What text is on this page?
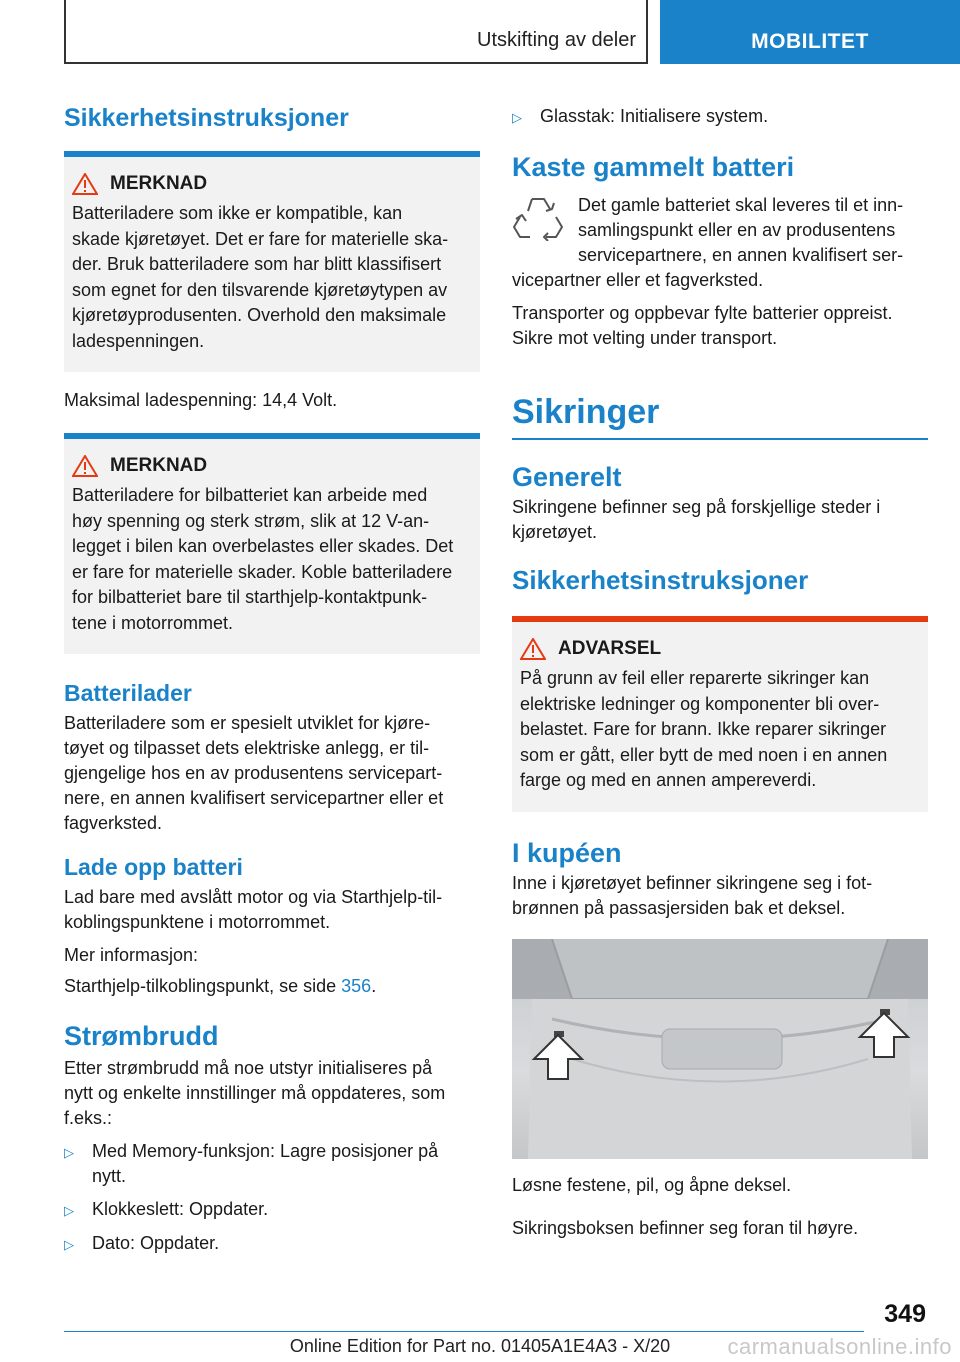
Utskifting av deler	MOBILITET
Sikkerhetsinstruksjoner
MERKNAD

Batteriladere som ikke er kompatible, kan

skade kjøretøyet. Det er fare for materielle ska-

der. Bruk batteriladere som har blitt klassifisert

som egnet for den tilsvarende kjøretøytypen av

kjøretøyprodusenten. Overhold den maksimale

ladespenningen.

Maksimal ladespenning: 14,4 Volt.

MERKNAD

Batteriladere for bilbatteriet kan arbeide med

høy spenning og sterk strøm, slik at 12 V-an-

legget i bilen kan overbelastes eller skades. Det

er fare for materielle skader. Koble batteriladere

for bilbatteriet bare til starthjelp-kontaktpunk-

tene i motorrommet.

Batterilader

Batteriladere som er spesielt utviklet for kjøre-

tøyet og tilpasset dets elektriske anlegg, er til-

gjengelige hos en av produsentens servicepart-

nere, en annen kvalifisert servicepartner eller et

fagverksted.

Lade opp batteri

Lad bare med avslått motor og via Starthjelp-til-

koblingspunktene i motorrommet.

Mer informasjon:

Starthjelp-tilkoblingspunkt, se side 356.

Strømbrudd

Etter strømbrudd må noe utstyr initialiseres på

nytt og enkelte innstillinger må oppdateres, som

f.eks.:

▷	Med Memory-funksjon: Lagre posisjoner på

nytt.

▷	Klokkeslett: Oppdater.

▷	Dato: Oppdater.

▷	Glasstak: Initialisere system.

Kaste gammelt batteri

Det gamle batteriet skal leveres til et inn-

samlingspunkt eller en av produsentens

servicepartnere, en annen kvalifisert ser-

vicepartner eller et fagverksted.

Transporter og oppbevar fylte batterier oppreist.

Sikre mot velting under transport.

Sikringer
Generelt

Sikringene befinner seg på forskjellige steder i

kjøretøyet.

Sikkerhetsinstruksjoner
ADVARSEL

På grunn av feil eller reparerte sikringer kan

elektriske ledninger og komponenter bli over-

belastet. Fare for brann. Ikke reparer sikringer

som er gått, eller bytt de med noen i en annen

farge og med en annen ampereverdi.

I kupéen

Inne i kjøretøyet befinner sikringene seg i fot-

brønnen på passasjersiden bak et deksel.

Løsne festene, pil, og åpne deksel.

Sikringsboksen befinner seg foran til høyre.

349
Online Edition for Part no. 01405A1E4A3 - X/20	carmanualsonline.info
